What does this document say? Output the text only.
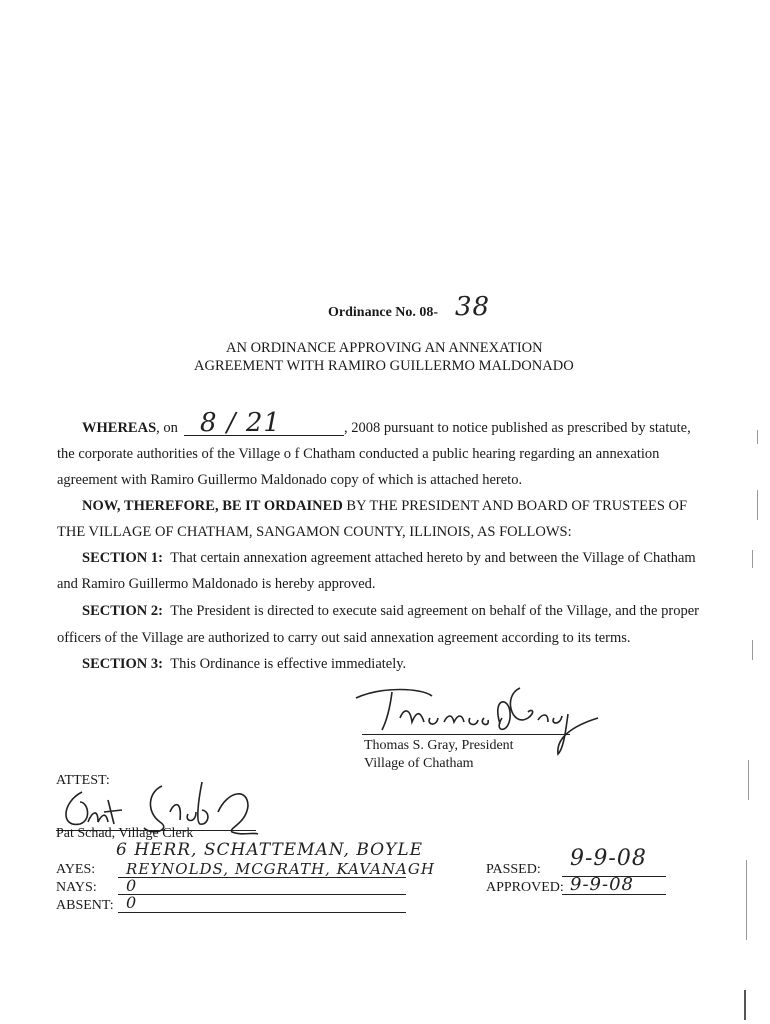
Ordinance No. 08- 38
AN ORDINANCE APPROVING AN ANNEXATION
AGREEMENT WITH RAMIRO GUILLERMO MALDONADO
WHEREAS, on 8 / 21	, 2008 pursuant to notice published as prescribed by statute,
the corporate authorities of the Village o f Chatham conducted a public hearing regarding an annexation
agreement with Ramiro Guillermo Maldonado copy of which is attached hereto.
NOW, THEREFORE, BE IT ORDAINED BY THE PRESIDENT AND BOARD OF TRUSTEES OF
THE VILLAGE OF CHATHAM, SANGAMON COUNTY, ILLINOIS, AS FOLLOWS:
SECTION 1: That certain annexation agreement attached hereto by and between the Village of Chatham
and Ramiro Guillermo Maldonado is hereby approved.
SECTION 2: The President is directed to execute said agreement on behalf of the Village, and the proper
officers of the Village are authorized to carry out said annexation agreement according to its terms.
SECTION 3: This Ordinance is effective immediately.
Thomas S. Gray, President
Village of Chatham
ATTEST:
Pat Schad, Village Clerk
AYES:
6 HERR, SCHATTEMAN, BOYLE
REYNOLDS, MCGRATH, KAVANAGH
NAYS: 0
ABSENT: 0
PASSED: 9-9-08
APPROVED: 9-9-08
